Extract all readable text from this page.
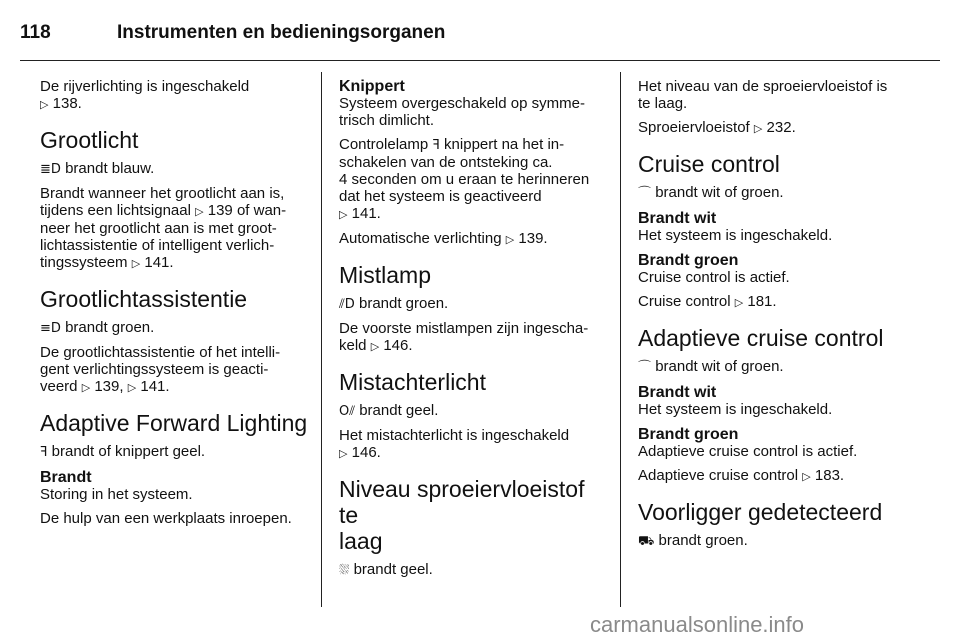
118	Instrumenten en bedieningsorganen

De rijverlichting is ingeschakeld
▷ 138.

Grootlicht

≣D brandt blauw.

Brandt wanneer het grootlicht aan is,
tijdens een lichtsignaal ▷ 139 of wan-
neer het grootlicht aan is met groot-
lichtassistentie of intelligent verlich-
tingssysteem ▷ 141.

Grootlichtassistentie

≡D brandt groen.

De grootlichtassistentie of het intelli-
gent verlichtingssysteem is geacti-
veerd ▷ 139, ▷ 141.

Adaptive Forward Lighting

ꟻ brandt of knippert geel.

Brandt

Storing in het systeem.

De hulp van een werkplaats inroepen.

Knippert

Systeem overgeschakeld op symme-
trisch dimlicht.

Controlelamp ꟻ knippert na het in-
schakelen van de ontsteking ca.
4 seconden om u eraan te herinneren
dat het systeem is geactiveerd
▷ 141.

Automatische verlichting ▷ 139.

Mistlamp

⫽D brandt groen.

De voorste mistlampen zijn ingescha-
keld ▷ 146.

Mistachterlicht

O⫽ brandt geel.

Het mistachterlicht is ingeschakeld
▷ 146.

Niveau sproeiervloeistof te
laag

⛆ brandt geel.

Het niveau van de sproeiervloeistof is
te laag.

Sproeiervloeistof ▷ 232.

Cruise control

⌒ brandt wit of groen.

Brandt wit

Het systeem is ingeschakeld.

Brandt groen

Cruise control is actief.

Cruise control ▷ 181.

Adaptieve cruise control

⌒ brandt wit of groen.

Brandt wit

Het systeem is ingeschakeld.

Brandt groen

Adaptieve cruise control is actief.

Adaptieve cruise control ▷ 183.

Voorligger gedetecteerd

⛟ brandt groen.

carmanualsonline.info
